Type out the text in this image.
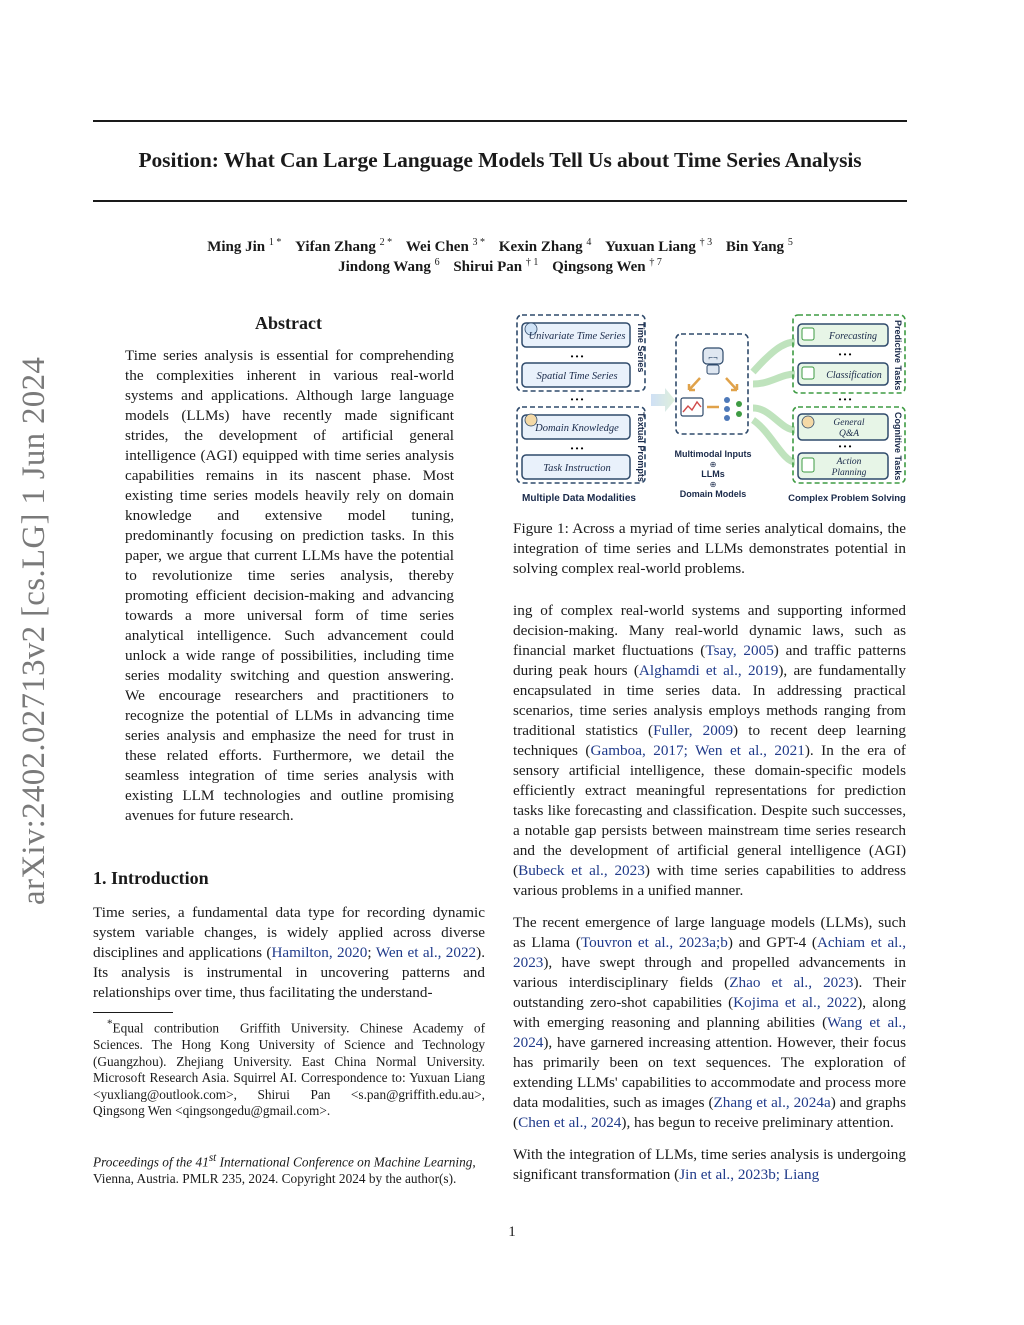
Position: What Can Large Language Models Tell Us about Time Series Analysis
Ming Jin $^{1 *}$ Yifan Zhang $^{2 *}$ Wei Chen $^{3 *}$ Kexin Zhang $^4$ Yuxuan Liang $^{\dagger 3}$ Bin Yang $^5$
Jindong Wang $^6$ Shirui Pan $^{\dagger 1}$ Qingsong Wen $^{\dagger 7}$
arXiv:2402.02713v2 [cs.LG] 1 Jun 2024
Abstract
Time series analysis is essential for comprehending the complexities inherent in various real-world systems and applications. Although large language models (LLMs) have recently made significant strides, the development of artificial general intelligence (AGI) equipped with time series analysis capabilities remains in its nascent phase. Most existing time series models heavily rely on domain knowledge and extensive model tuning, predominantly focusing on prediction tasks. In this paper, we argue that current LLMs have the potential to revolutionize time series analysis, thereby promoting efficient decision-making and advancing towards a more universal form of time series analytical intelligence. Such advancement could unlock a wide range of possibilities, including time series modality switching and question answering. We encourage researchers and practitioners to recognize the potential of LLMs in advancing time series analysis and emphasize the need for trust in these related efforts. Furthermore, we detail the seamless integration of time series analysis with existing LLM technologies and outline promising avenues for future research.
1. Introduction
Time series, a fundamental data type for recording dynamic system variable changes, is widely applied across diverse disciplines and applications (Hamilton, 2020; Wen et al., 2022). Its analysis is instrumental in uncovering patterns and relationships over time, thus facilitating the understand-
*Equal contribution Griffith University. Chinese Academy of Sciences. The Hong Kong University of Science and Technology (Guangzhou). Zhejiang University. East China Normal University. Microsoft Research Asia. Squirrel AI. Correspondence to: Yuxuan Liang <yuxliang@outlook.com>, Shirui Pan <s.pan@griffith.edu.au>, Qingsong Wen <qingsongedu@gmail.com>.
Proceedings of the 41st International Conference on Machine Learning, Vienna, Austria. PMLR 235, 2024. Copyright 2024 by the author(s).
Univariate Time Series
• • •
Spatial Time Series
Time Series
• • •
Domain Knowledge
• • •
Task Instruction	Textual Prompts
Multiple Data Modalities
⌐¬
Multimodal Inputs
⊕
LLMs
⊕
Domain Models
Forecasting
• • •
Classification Predictive Tasks
• • •
General
Q&A
• • •
Action
Planning	Cognitive Tasks
Complex Problem Solving
Figure 1: Across a myriad of time series analytical domains, the integration of time series and LLMs demonstrates potential in solving complex real-world problems.

ing of complex real-world systems and supporting informed decision-making. Many real-world dynamic laws, such as financial market fluctuations (Tsay, 2005) and traffic patterns during peak hours (Alghamdi et al., 2019), are fundamentally encapsulated in time series data. In addressing practical scenarios, time series analysis employs methods ranging from traditional statistics (Fuller, 2009) to recent deep learning techniques (Gamboa, 2017; Wen et al., 2021). In the era of sensory artificial intelligence, these domain-specific models efficiently extract meaningful representations for prediction tasks like forecasting and classification. Despite such successes, a notable gap persists between mainstream time series research and the development of artificial general intelligence (AGI) (Bubeck et al., 2023) with time series capabilities to address various problems in a unified manner.

The recent emergence of large language models (LLMs), such as Llama (Touvron et al., 2023a;b) and GPT-4 (Achiam et al., 2023), have swept through and propelled advancements in various interdisciplinary fields (Zhao et al., 2023). Their outstanding zero-shot capabilities (Kojima et al., 2022), along with emerging reasoning and planning abilities (Wang et al., 2024), have garnered increasing attention. However, their focus has primarily been on text sequences. The exploration of extending LLMs' capabilities to accommodate and process more data modalities, such as images (Zhang et al., 2024a) and graphs (Chen et al., 2024), has begun to receive preliminary attention.

With the integration of LLMs, time series analysis is undergoing significant transformation (Jin et al., 2023b; Liang

1
